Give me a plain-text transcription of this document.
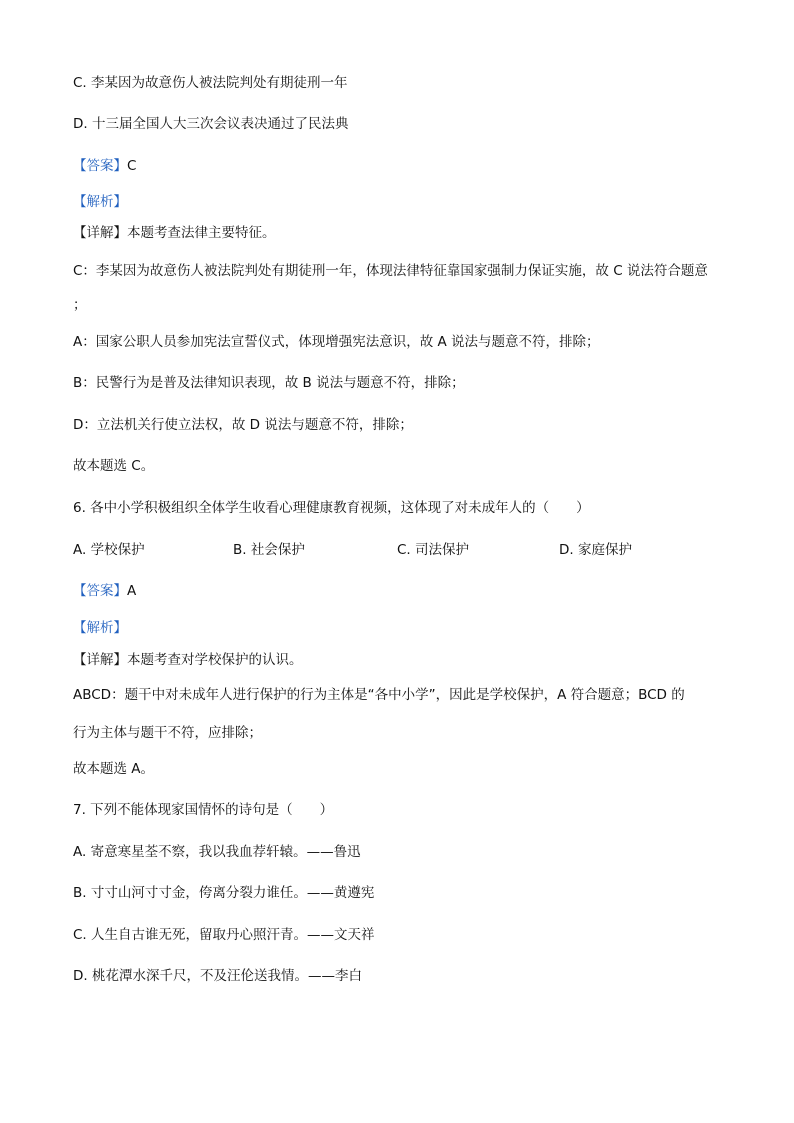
C. 李某因为故意伤人被法院判处有期徒刑一年
D. 十三届全国人大三次会议表决通过了民法典
【答案】C
【解析】
【详解】本题考查法律主要特征。
C：李某因为故意伤人被法院判处有期徒刑一年，体现法律特征靠国家强制力保证实施，故 C 说法符合题意
；
A：国家公职人员参加宪法宣誓仪式，体现增强宪法意识，故 A 说法与题意不符，排除；
B：民警行为是普及法律知识表现，故 B 说法与题意不符，排除；
D：立法机关行使立法权，故 D 说法与题意不符，排除；
故本题选 C。
6. 各中小学积极组织全体学生收看心理健康教育视频，这体现了对未成年人的（　　）
A. 学校保护	B. 社会保护	C. 司法保护	D. 家庭保护
【答案】A
【解析】
【详解】本题考查对学校保护的认识。
ABCD：题干中对未成年人进行保护的行为主体是“各中小学”，因此是学校保护，A 符合题意；BCD 的
行为主体与题干不符，应排除；
故本题选 A。
7. 下列不能体现家国情怀的诗句是（　　）
A. 寄意寒星荃不察，我以我血荐轩辕。——鲁迅
B. 寸寸山河寸寸金，侉离分裂力谁任。——黄遵宪
C. 人生自古谁无死，留取丹心照汗青。——文天祥
D. 桃花潭水深千尺，不及汪伦送我情。——李白
